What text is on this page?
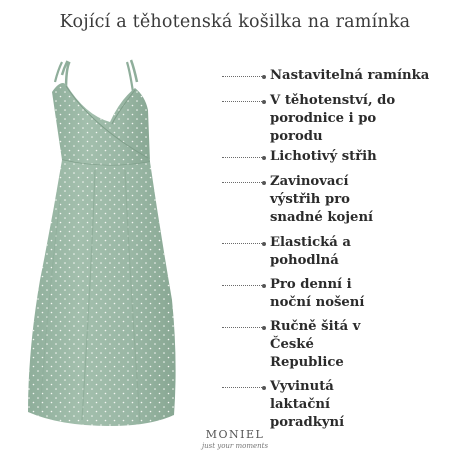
Kojící a těhotenská košilka na ramínka
Nastavitelná ramínka
V těhotenství, do
porodnice i po
porodu
Lichotivý střih
Zavinovací
výstřih pro
snadné kojení
Elastická a
pohodlná
Pro denní i
noční nošení
Ručně šitá v
České
Republice
Vyvinutá
laktační
poradkyní
MONIEL
just your moments
